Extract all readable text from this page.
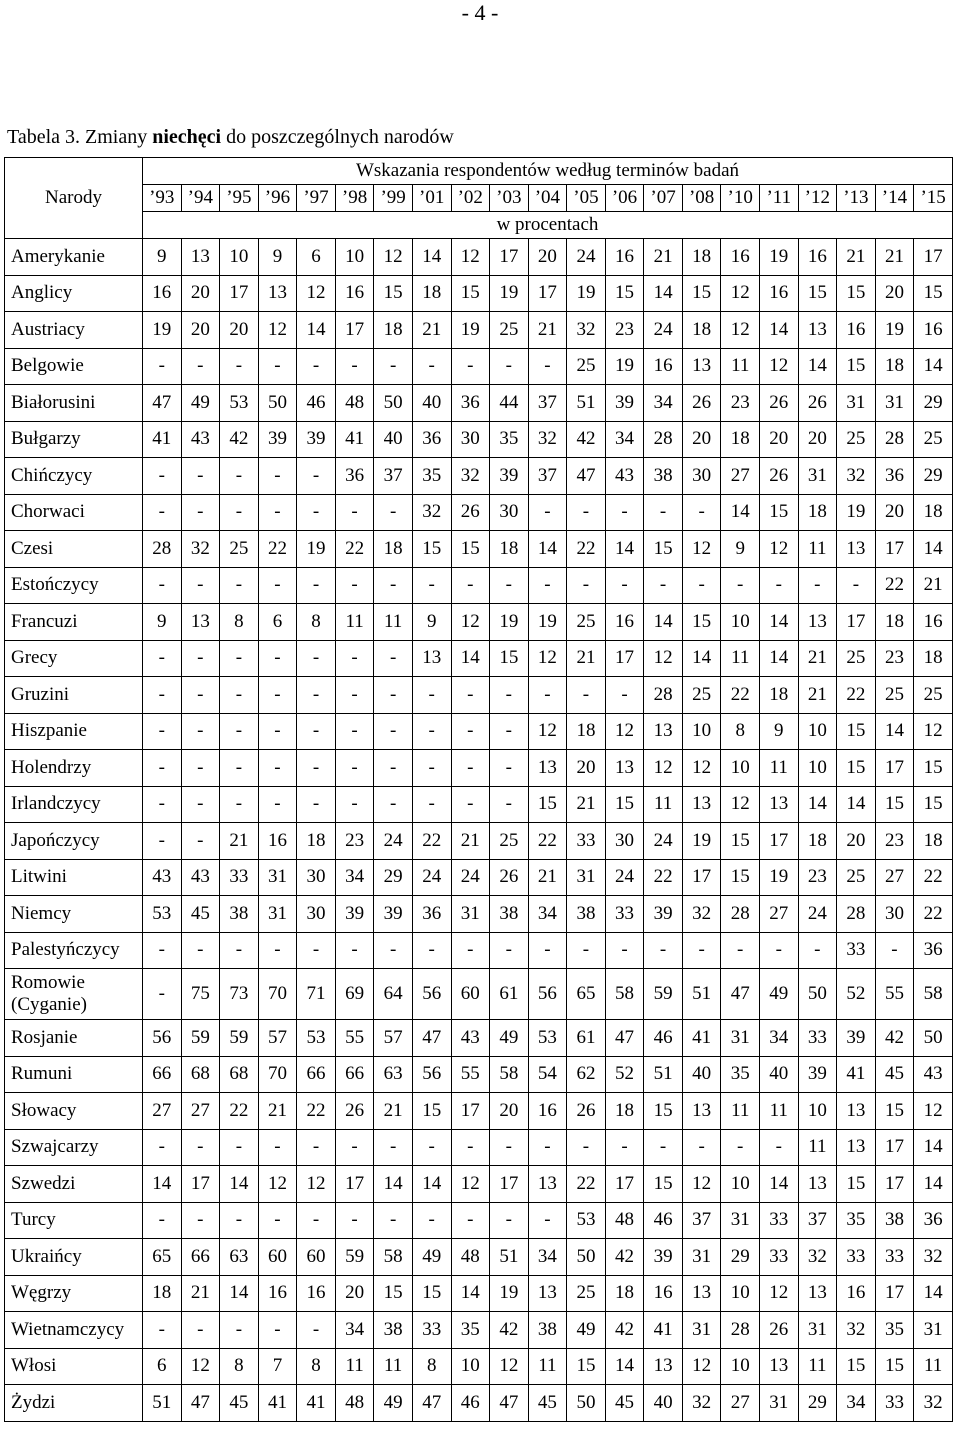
- 4 -
Tabela 3. Zmiany niechęci do poszczególnych narodów
Narody	Wskazania respondentów według terminów badań																				
	’93	’94	’95	’96	’97	’98	’99	’01	’02	’03	’04	’05	’06	’07	’08	’10	’11	’12	’13	’14	’15
	w procentach																				
Amerykanie	9	13	10	9	6	10	12	14	12	17	20	24	16	21	18	16	19	16	21	21	17
Anglicy	16	20	17	13	12	16	15	18	15	19	17	19	15	14	15	12	16	15	15	20	15
Austriacy	19	20	20	12	14	17	18	21	19	25	21	32	23	24	18	12	14	13	16	19	16
Belgowie	-	-	-	-	-	-	-	-	-	-	-	25	19	16	13	11	12	14	15	18	14
Białorusini	47	49	53	50	46	48	50	40	36	44	37	51	39	34	26	23	26	26	31	31	29
Bułgarzy	41	43	42	39	39	41	40	36	30	35	32	42	34	28	20	18	20	20	25	28	25
Chińczycy	-	-	-	-	-	36	37	35	32	39	37	47	43	38	30	27	26	31	32	36	29
Chorwaci	-	-	-	-	-	-	-	32	26	30	-	-	-	-	-	14	15	18	19	20	18
Czesi	28	32	25	22	19	22	18	15	15	18	14	22	14	15	12	9	12	11	13	17	14
Estończycy	-	-	-	-	-	-	-	-	-	-	-	-	-	-	-	-	-	-	-	22	21
Francuzi	9	13	8	6	8	11	11	9	12	19	19	25	16	14	15	10	14	13	17	18	16
Grecy	-	-	-	-	-	-	-	13	14	15	12	21	17	12	14	11	14	21	25	23	18
Gruzini	-	-	-	-	-	-	-	-	-	-	-	-	-	28	25	22	18	21	22	25	25
Hiszpanie	-	-	-	-	-	-	-	-	-	-	12	18	12	13	10	8	9	10	15	14	12
Holendrzy	-	-	-	-	-	-	-	-	-	-	13	20	13	12	12	10	11	10	15	17	15
Irlandczycy	-	-	-	-	-	-	-	-	-	-	15	21	15	11	13	12	13	14	14	15	15
Japończycy	-	-	21	16	18	23	24	22	21	25	22	33	30	24	19	15	17	18	20	23	18
Litwini	43	43	33	31	30	34	29	24	24	26	21	31	24	22	17	15	19	23	25	27	22
Niemcy	53	45	38	31	30	39	39	36	31	38	34	38	33	39	32	28	27	24	28	30	22
Palestyńczycy	-	-	-	-	-	-	-	-	-	-	-	-	-	-	-	-	-	-	33	-	36
Romowie (Cyganie)	-	75	73	70	71	69	64	56	60	61	56	65	58	59	51	47	49	50	52	55	58
Rosjanie	56	59	59	57	53	55	57	47	43	49	53	61	47	46	41	31	34	33	39	42	50
Rumuni	66	68	68	70	66	66	63	56	55	58	54	62	52	51	40	35	40	39	41	45	43
Słowacy	27	27	22	21	22	26	21	15	17	20	16	26	18	15	13	11	11	10	13	15	12
Szwajcarzy	-	-	-	-	-	-	-	-	-	-	-	-	-	-	-	-	-	11	13	17	14
Szwedzi	14	17	14	12	12	17	14	14	12	17	13	22	17	15	12	10	14	13	15	17	14
Turcy	-	-	-	-	-	-	-	-	-	-	-	53	48	46	37	31	33	37	35	38	36
Ukraińcy	65	66	63	60	60	59	58	49	48	51	34	50	42	39	31	29	33	32	33	33	32
Węgrzy	18	21	14	16	16	20	15	15	14	19	13	25	18	16	13	10	12	13	16	17	14
Wietnamczycy	-	-	-	-	-	34	38	33	35	42	38	49	42	41	31	28	26	31	32	35	31
Włosi	6	12	8	7	8	11	11	8	10	12	11	15	14	13	12	10	13	11	15	15	11
Żydzi	51	47	45	41	41	48	49	47	46	47	45	50	45	40	32	27	31	29	34	33	32
